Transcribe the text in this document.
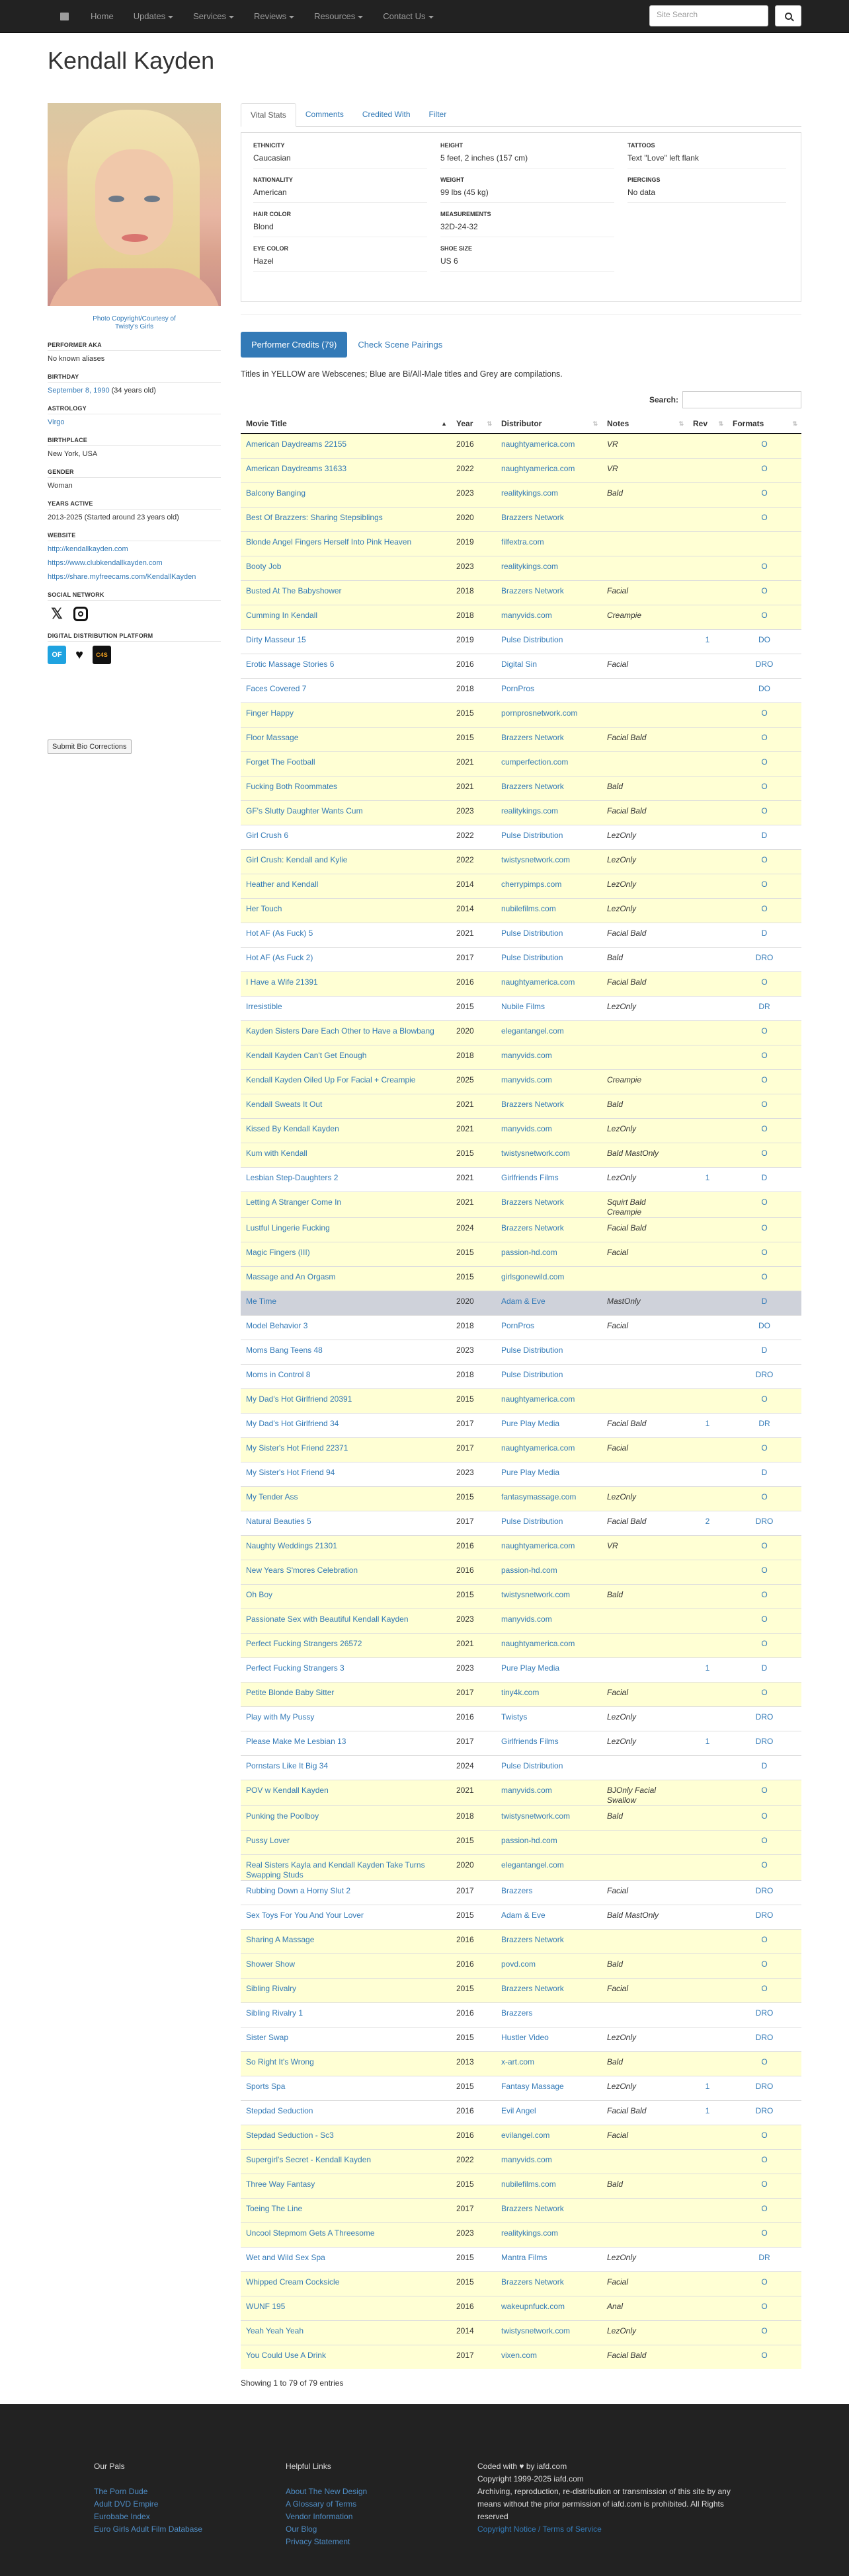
Home	Updates	Services	Reviews	Resources	Contact Us	Site Search
Kendall Kayden
Photo Copyright/Courtesy of
Twisty's Girls
PERFORMER AKA
No known aliases
BIRTHDAY
September 8, 1990 (34 years old)
ASTROLOGY
Virgo
BIRTHPLACE
New York, USA
GENDER
Woman
YEARS ACTIVE
2013-2025 (Started around 23 years old)
WEBSITE
http://kendallkayden.com
https://www.clubkendallkayden.com
https://share.myfreecams.com/KendallKayden
SOCIAL NETWORK
𝕏
DIGITAL DISTRIBUTION PLATFORM
OF	♥	C4S
Submit Bio Corrections
Vital Stats	Comments	Credited With	Filter
ETHNICITY
Caucasian
NATIONALITY
American
HAIR COLOR
Blond
EYE COLOR
Hazel
HEIGHT
5 feet, 2 inches (157 cm)
WEIGHT
99 lbs (45 kg)
MEASUREMENTS
32D-24-32
SHOE SIZE
US 6
TATTOOS
Text "Love" left flank
PIERCINGS
No data
Performer Credits (79)	Check Scene Pairings
Titles in YELLOW are Webscenes; Blue are Bi/All-Male titles and Grey are compilations.
Search:
Movie Title ▲	Year ⇅	Distributor ⇅	Notes ⇅	Rev ⇅	Formats ⇅

American Daydreams 22155	2016	naughtyamerica.com	VR		O
American Daydreams 31633	2022	naughtyamerica.com	VR		O
Balcony Banging	2023	realitykings.com	Bald		O
Best Of Brazzers: Sharing Stepsiblings	2020	Brazzers Network			O
Blonde Angel Fingers Herself Into Pink Heaven	2019	filfextra.com			
Booty Job	2023	realitykings.com			O
Busted At The Babyshower	2018	Brazzers Network	Facial		O
Cumming In Kendall	2018	manyvids.com	Creampie		O
Dirty Masseur 15	2019	Pulse Distribution		1	DO
Erotic Massage Stories 6	2016	Digital Sin	Facial		DRO
Faces Covered 7	2018	PornPros			DO
Finger Happy	2015	pornprosnetwork.com			O
Floor Massage	2015	Brazzers Network	Facial Bald		O
Forget The Football	2021	cumperfection.com			O
Fucking Both Roommates	2021	Brazzers Network	Bald		O
GF's Slutty Daughter Wants Cum	2023	realitykings.com	Facial Bald		O
Girl Crush 6	2022	Pulse Distribution	LezOnly		D
Girl Crush: Kendall and Kylie	2022	twistysnetwork.com	LezOnly		O
Heather and Kendall	2014	cherrypimps.com	LezOnly		O
Her Touch	2014	nubilefilms.com	LezOnly		O
Hot AF (As Fuck) 5	2021	Pulse Distribution	Facial Bald		D
Hot AF (As Fuck 2)	2017	Pulse Distribution	Bald		DRO
I Have a Wife 21391	2016	naughtyamerica.com	Facial Bald		O
Irresistible	2015	Nubile Films	LezOnly		DR
Kayden Sisters Dare Each Other to Have a Blowbang	2020	elegantangel.com			O
Kendall Kayden Can't Get Enough	2018	manyvids.com			O
Kendall Kayden Oiled Up For Facial + Creampie	2025	manyvids.com	Creampie		O
Kendall Sweats It Out	2021	Brazzers Network	Bald		O
Kissed By Kendall Kayden	2021	manyvids.com	LezOnly		O
Kum with Kendall	2015	twistysnetwork.com	Bald MastOnly		O
Lesbian Step-Daughters 2	2021	Girlfriends Films	LezOnly	1	D
Letting A Stranger Come In	2021	Brazzers Network	Squirt Bald Creampie		O
Lustful Lingerie Fucking	2024	Brazzers Network	Facial Bald		O
Magic Fingers (III)	2015	passion-hd.com	Facial		O
Massage and An Orgasm	2015	girlsgonewild.com			O
Me Time	2020	Adam & Eve	MastOnly		D
Model Behavior 3	2018	PornPros	Facial		DO
Moms Bang Teens 48	2023	Pulse Distribution			D
Moms in Control 8	2018	Pulse Distribution			DRO
My Dad's Hot Girlfriend 20391	2015	naughtyamerica.com			O
My Dad's Hot Girlfriend 34	2017	Pure Play Media	Facial Bald	1	DR
My Sister's Hot Friend 22371	2017	naughtyamerica.com	Facial		O
My Sister's Hot Friend 94	2023	Pure Play Media			D
My Tender Ass	2015	fantasymassage.com	LezOnly		O
Natural Beauties 5	2017	Pulse Distribution	Facial Bald	2	DRO
Naughty Weddings 21301	2016	naughtyamerica.com	VR		O
New Years S'mores Celebration	2016	passion-hd.com			O
Oh Boy	2015	twistysnetwork.com	Bald		O
Passionate Sex with Beautiful Kendall Kayden	2023	manyvids.com			O
Perfect Fucking Strangers 26572	2021	naughtyamerica.com			O
Perfect Fucking Strangers 3	2023	Pure Play Media		1	D
Petite Blonde Baby Sitter	2017	tiny4k.com	Facial		O
Play with My Pussy	2016	Twistys	LezOnly		DRO
Please Make Me Lesbian 13	2017	Girlfriends Films	LezOnly	1	DRO
Pornstars Like It Big 34	2024	Pulse Distribution			D
POV w Kendall Kayden	2021	manyvids.com	BJOnly Facial Swallow		O
Punking the Poolboy	2018	twistysnetwork.com	Bald		O
Pussy Lover	2015	passion-hd.com			O
Real Sisters Kayla and Kendall Kayden Take Turns Swapping Studs	2020	elegantangel.com			O
Rubbing Down a Horny Slut 2	2017	Brazzers	Facial		DRO
Sex Toys For You And Your Lover	2015	Adam & Eve	Bald MastOnly		DRO
Sharing A Massage	2016	Brazzers Network			O
Shower Show	2016	povd.com	Bald		O
Sibling Rivalry	2015	Brazzers Network	Facial		O
Sibling Rivalry 1	2016	Brazzers			DRO
Sister Swap	2015	Hustler Video	LezOnly		DRO
So Right It's Wrong	2013	x-art.com	Bald		O
Sports Spa	2015	Fantasy Massage	LezOnly	1	DRO
Stepdad Seduction	2016	Evil Angel	Facial Bald	1	DRO
Stepdad Seduction - Sc3	2016	evilangel.com	Facial		O
Supergirl's Secret - Kendall Kayden	2022	manyvids.com			O
Three Way Fantasy	2015	nubilefilms.com	Bald		O
Toeing The Line	2017	Brazzers Network			O
Uncool Stepmom Gets A Threesome	2023	realitykings.com			O
Wet and Wild Sex Spa	2015	Mantra Films	LezOnly		DR
Whipped Cream Cocksicle	2015	Brazzers Network	Facial		O
WUNF 195	2016	wakeupnfuck.com	Anal		O
Yeah Yeah Yeah	2014	twistysnetwork.com	LezOnly		O
You Could Use A Drink	2017	vixen.com	Facial Bald		O
Showing 1 to 79 of 79 entries
Our Pals
The Porn Dude
Adult DVD Empire
Eurobabe Index
Euro Girls Adult Film Database
Helpful Links
About The New Design
A Glossary of Terms
Vendor Information
Our Blog
Privacy Statement
Coded with ♥ by iafd.com
Copyright 1999-2025 iafd.com
Archiving, reproduction, re-distribution or transmission of this site by any means without the prior permission of iafd.com is prohibited. All Rights reserved
Copyright Notice / Terms of Service
